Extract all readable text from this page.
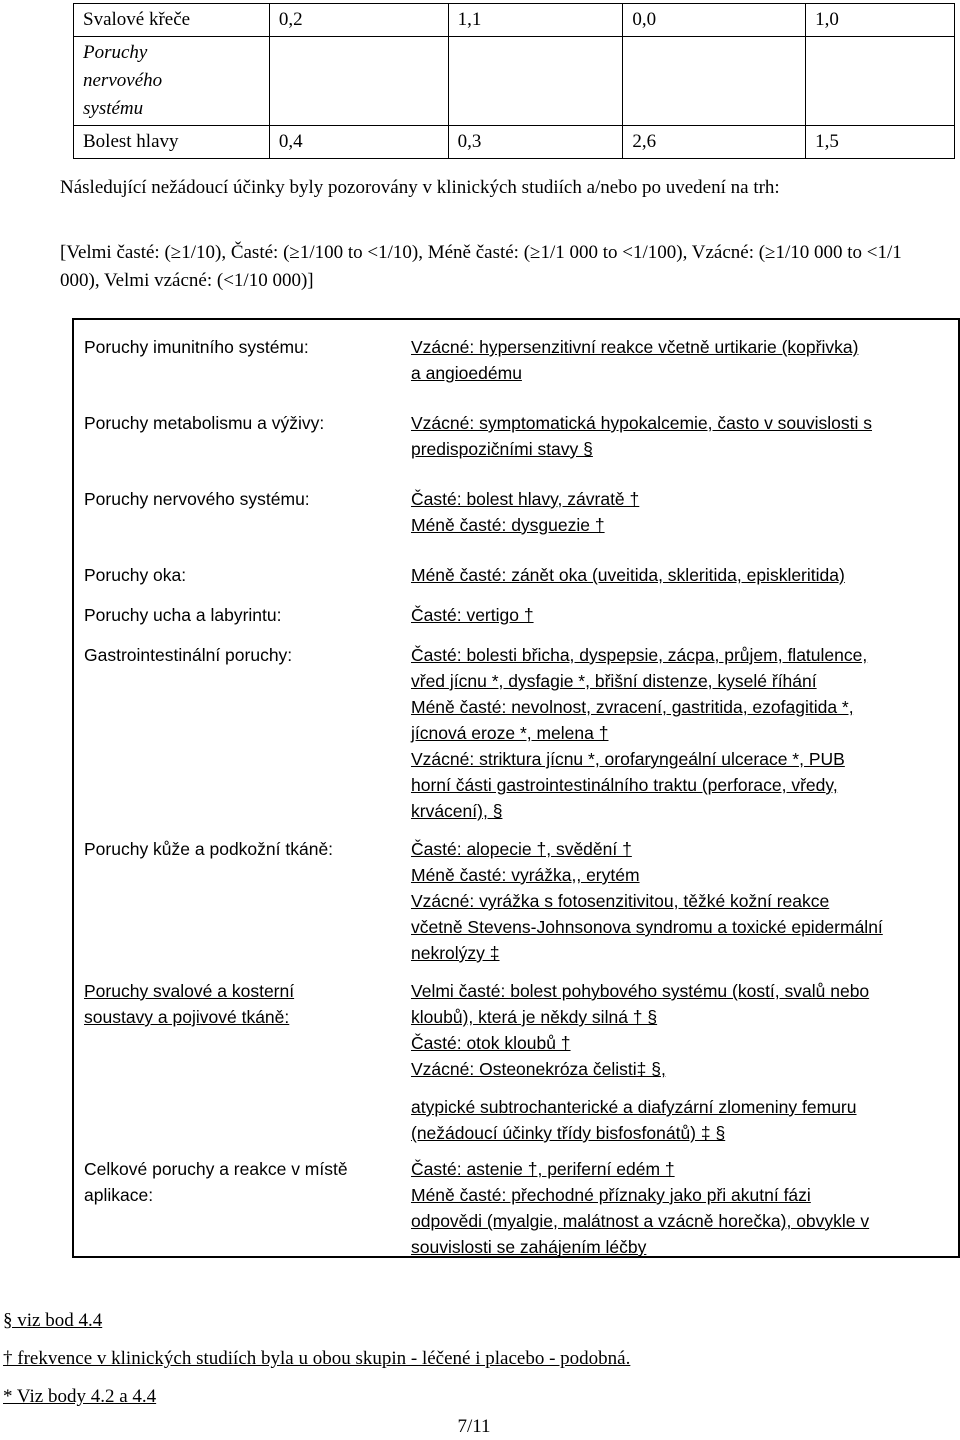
Svalové křeče	0,2	1,1	0,0	1,0

Poruchy nervového systému				

Bolest hlavy	0,4	0,3	2,6	1,5

Následující nežádoucí účinky byly pozorovány v klinických studiích a/nebo po uvedení na trh:

[Velmi časté: (≥1/10), Časté: (≥1/100 to <1/10), Méně časté: (≥1/1 000 to <1/100), Vzácné: (≥1/10 000 to <1/1 000), Velmi vzácné: (<1/10 000)]

Poruchy imunitního systému:	Vzácné: hypersenzitivní reakce včetně urtikarie (kopřivka)
a angioedému
Poruchy metabolismu a výživy:	Vzácné: symptomatická hypokalcemie, často v souvislosti s
predispozičními stavy §
Poruchy nervového systému:	Časté: bolest hlavy, závratě †
Méně časté: dysguezie †
Poruchy oka:	Méně časté: zánět oka (uveitida, skleritida, episkleritida)
Poruchy ucha a labyrintu:	Časté: vertigo †
Gastrointestinální poruchy:	Časté: bolesti břicha, dyspepsie, zácpa, průjem, flatulence,
vřed jícnu *, dysfagie *, břišní distenze, kyselé říhání
Méně časté: nevolnost, zvracení, gastritida, ezofagitida *,
jícnová eroze *, melena †
Vzácné: striktura jícnu *, orofaryngeální ulcerace *, PUB
horní části gastrointestinálního traktu (perforace, vředy,
krvácení), §
Poruchy kůže a podkožní tkáně:	Časté: alopecie †, svědění †
Méně časté: vyrážka,, erytém
Vzácné: vyrážka s fotosenzitivitou, těžké kožní reakce
včetně Stevens-Johnsonova syndromu a toxické epidermální
nekrolýzy ‡
Poruchy svalové a kosterní soustavy a pojivové tkáně:
Velmi časté: bolest pohybového systému (kostí, svalů nebo
kloubů), která je někdy silná † §
Časté: otok kloubů †
Vzácné: Osteonekróza čelisti‡ §,
atypické subtrochanterické a diafyzární zlomeniny femuru
(nežádoucí účinky třídy bisfosfonátů) ‡ §
Celkové poruchy a reakce v místě aplikace:
Časté: astenie †, periferní edém †
Méně časté: přechodné příznaky jako při akutní fázi
odpovědi (myalgie, malátnost a vzácně horečka), obvykle v
souvislosti se zahájením léčby
§ viz bod 4.4
† frekvence v klinických studiích byla u obou skupin - léčené i placebo - podobná.
* Viz body 4.2 a 4.4
7/11
